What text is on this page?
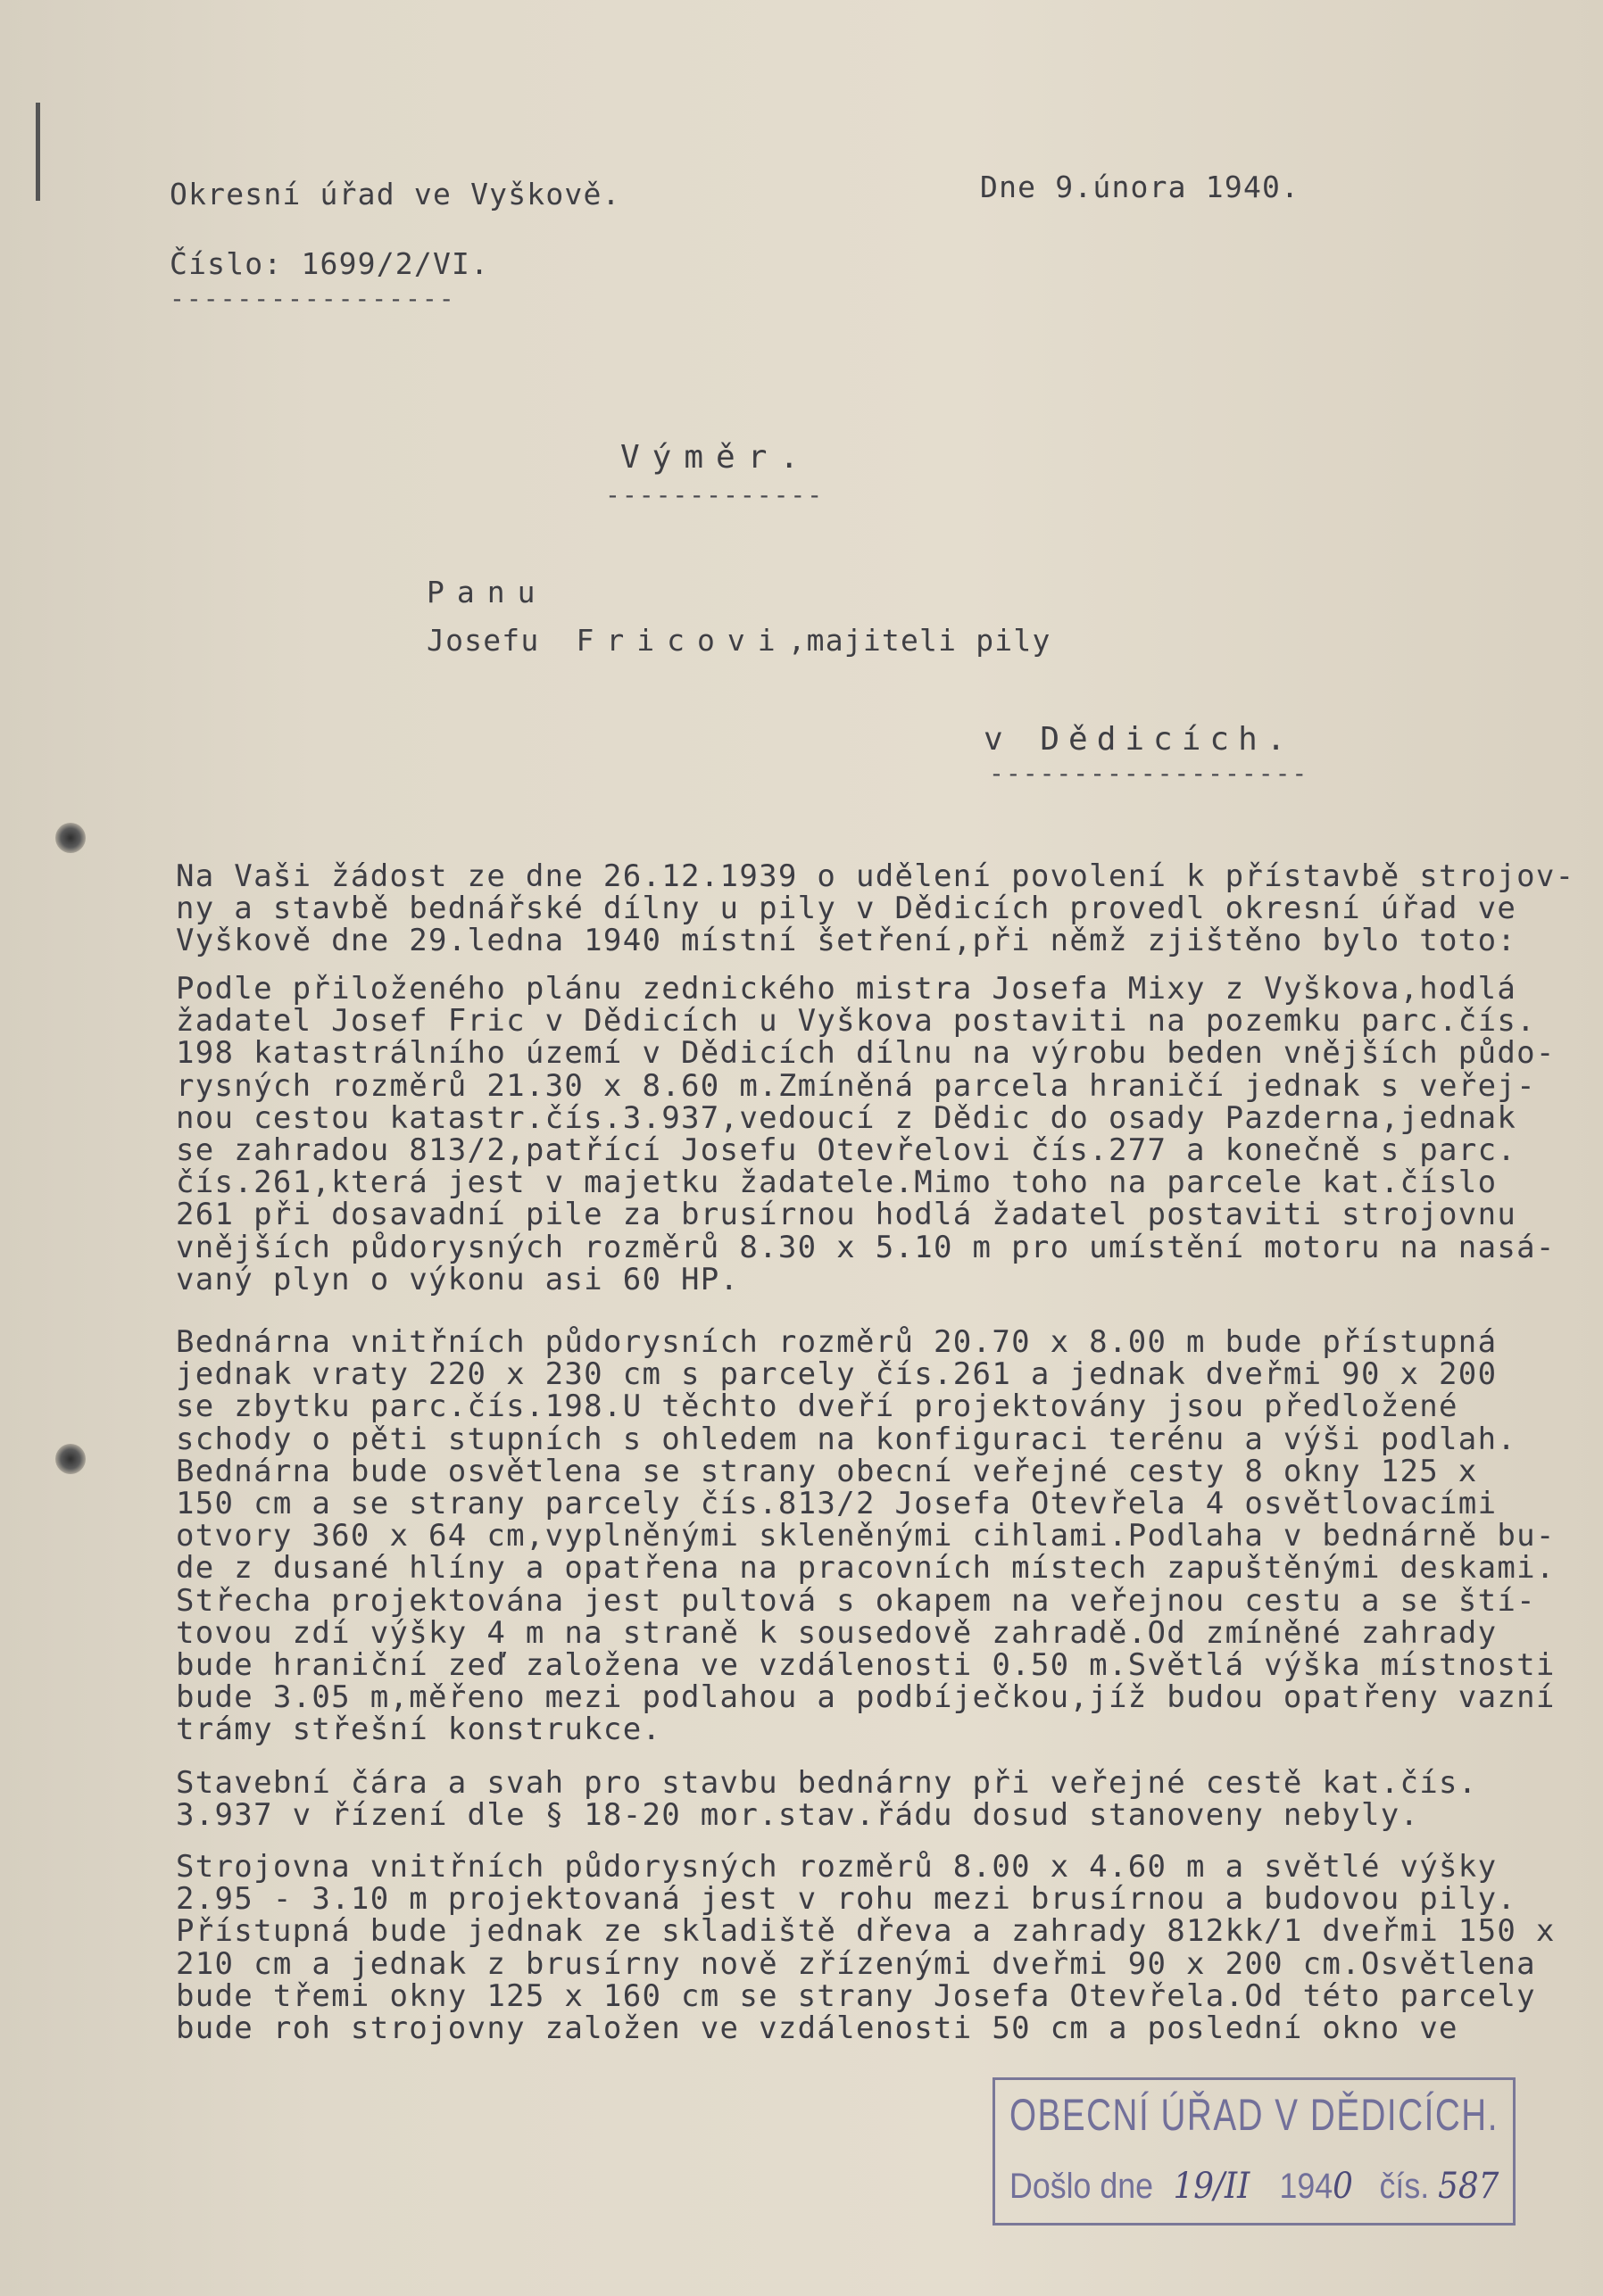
Okresní úřad ve Vyškově.	Dne 9.února 1940.
Číslo: 1699/2/VI.
-----------------
Výměr.
-------------
Panu
Josefu Fricovi,majiteli pily
v Dědicích.
-------------------
Na Vaši žádost ze dne 26.12.1939 o udělení povolení k přístavbě strojov-
ny a stavbě bednářské dílny u pily v Dědicích provedl okresní úřad ve
Vyškově dne 29.ledna 1940 místní šetření,při němž zjištěno bylo toto:
Podle přiloženého plánu zednického mistra Josefa Mixy z Vyškova,hodlá
žadatel Josef Fric v Dědicích u Vyškova postaviti na pozemku parc.čís.
198 katastrálního území v Dědicích dílnu na výrobu beden vnějších půdo-
rysných rozměrů 21.30 x 8.60 m.Zmíněná parcela hraničí jednak s veřej-
nou cestou katastr.čís.3.937,vedoucí z Dědic do osady Pazderna,jednak
se zahradou 813/2,patřící Josefu Otevřelovi čís.277 a konečně s parc.
čís.261,která jest v majetku žadatele.Mimo toho na parcele kat.číslo
261 při dosavadní pile za brusírnou hodlá žadatel postaviti strojovnu
vnějších půdorysných rozměrů 8.30 x 5.10 m pro umístění motoru na nasá-
vaný plyn o výkonu asi 60 HP.
Bednárna vnitřních půdorysních rozměrů 20.70 x 8.00 m bude přístupná
jednak vraty 220 x 230 cm s parcely čís.261 a jednak dveřmi 90 x 200
se zbytku parc.čís.198.U těchto dveří projektovány jsou předložené
schody o pěti stupních s ohledem na konfiguraci terénu a výši podlah.
Bednárna bude osvětlena se strany obecní veřejné cesty 8 okny 125 x
150 cm a se strany parcely čís.813/2 Josefa Otevřela 4 osvětlovacími
otvory 360 x 64 cm,vyplněnými skleněnými cihlami.Podlaha v bednárně bu-
de z dusané hlíny a opatřena na pracovních místech zapuštěnými deskami.
Střecha projektována jest pultová s okapem na veřejnou cestu a se ští-
tovou zdí výšky 4 m na straně k sousedově zahradě.Od zmíněné zahrady
bude hraniční zeď založena ve vzdálenosti 0.50 m.Světlá výška místnosti
bude 3.05 m,měřeno mezi podlahou a podbíječkou,jíž budou opatřeny vazní
trámy střešní konstrukce.
Stavební čára a svah pro stavbu bednárny při veřejné cestě kat.čís.
3.937 v řízení dle § 18-20 mor.stav.řádu dosud stanoveny nebyly.
Strojovna vnitřních půdorysných rozměrů 8.00 x 4.60 m a světlé výšky
2.95 - 3.10 m projektovaná jest v rohu mezi brusírnou a budovou pily.
Přístupná bude jednak ze skladiště dřeva a zahrady 812kk/1 dveřmi 150 x
210 cm a jednak z brusírny nově zřízenými dveřmi 90 x 200 cm.Osvětlena
bude třemi okny 125 x 160 cm se strany Josefa Otevřela.Od této parcely
bude roh strojovny založen ve vzdálenosti 50 cm a poslední okno ve
OBECNÍ ÚŘAD V DĚDICÍCH.
Došlo dne 19/II 1940 čís. 587
